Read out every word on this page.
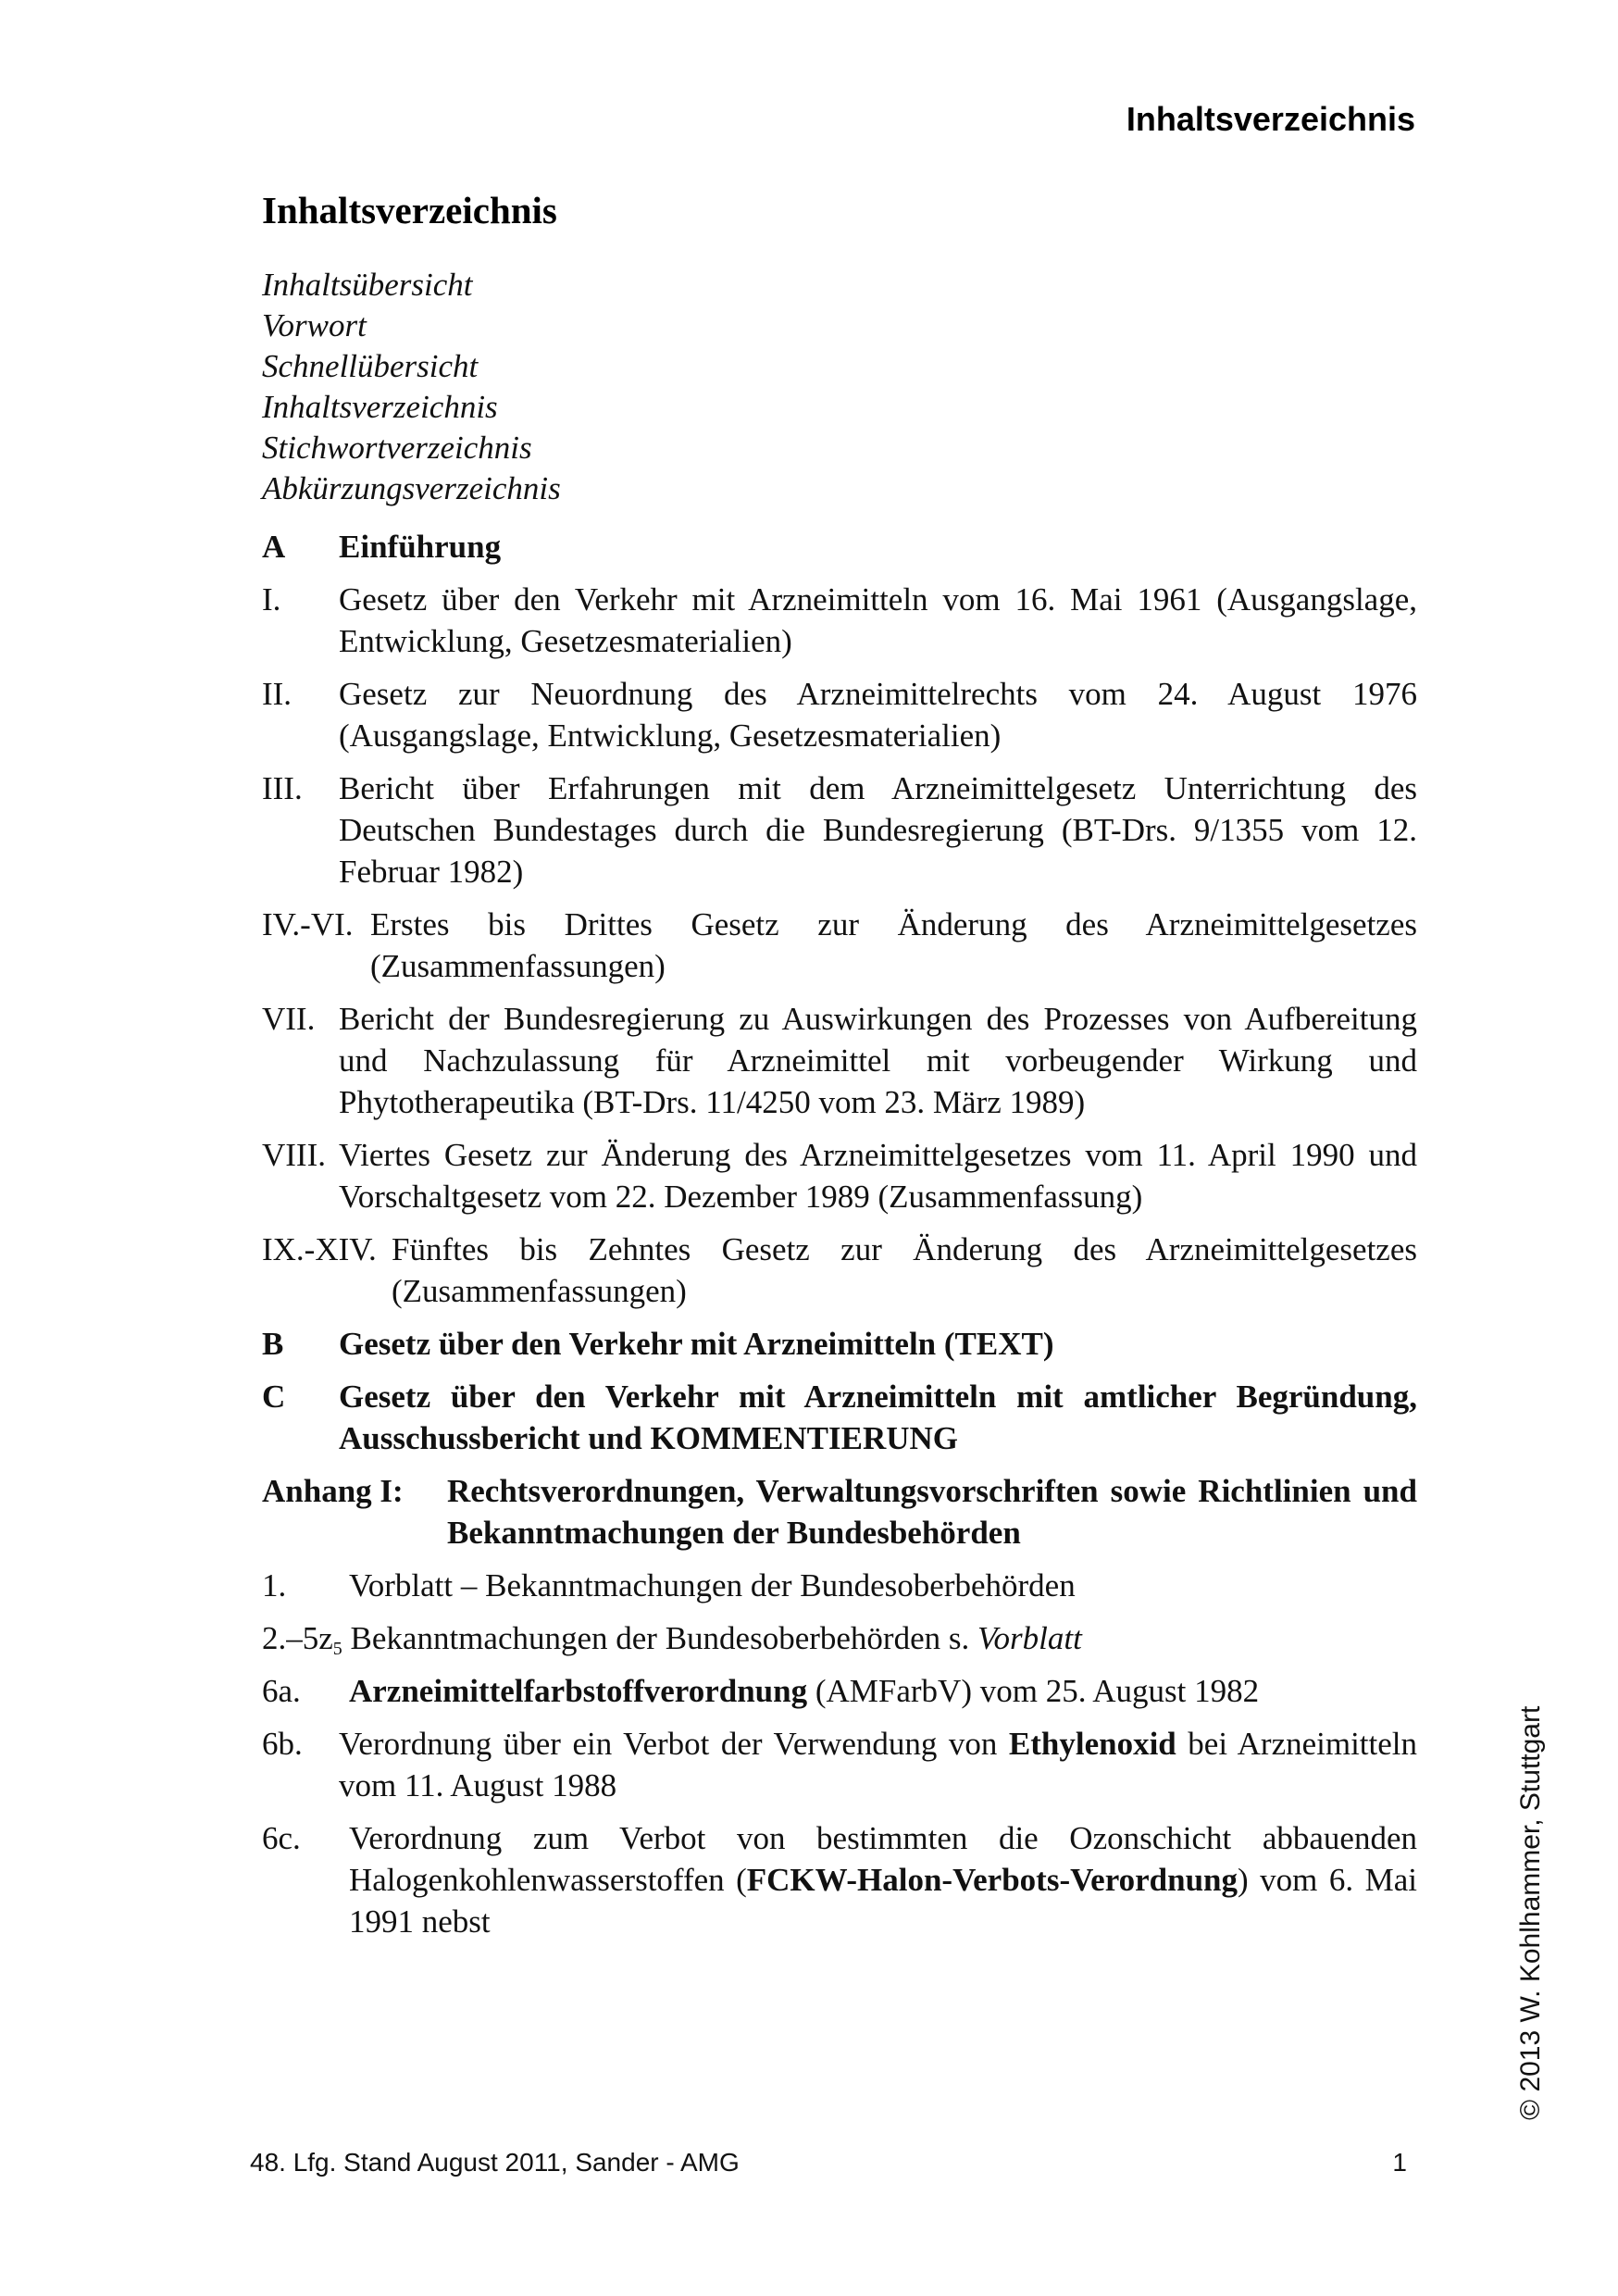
Inhaltsverzeichnis
Inhaltsverzeichnis
Inhaltsübersicht
Vorwort
Schnellübersicht
Inhaltsverzeichnis
Stichwortverzeichnis
Abkürzungsverzeichnis
A	Einführung
I.	Gesetz über den Verkehr mit Arzneimitteln vom 16. Mai 1961 (Ausgangslage, Entwicklung, Gesetzesmaterialien)
II.	Gesetz zur Neuordnung des Arzneimittelrechts vom 24. August 1976 (Ausgangslage, Entwicklung, Gesetzesmaterialien)
III.	Bericht über Erfahrungen mit dem Arzneimittelgesetz Unterrichtung des Deutschen Bundestages durch die Bundesregierung (BT-Drs. 9/1355 vom 12. Februar 1982)
IV.-VI. Erstes bis Drittes Gesetz zur Änderung des Arzneimittelgesetzes (Zusammenfassungen)
VII. Bericht der Bundesregierung zu Auswirkungen des Prozesses von Aufbereitung und Nachzulassung für Arzneimittel mit vorbeugender Wirkung und Phytotherapeutika (BT-Drs. 11/4250 vom 23. März 1989)
VIII. Viertes Gesetz zur Änderung des Arzneimittelgesetzes vom 11. April 1990 und Vorschaltgesetz vom 22. Dezember 1989 (Zusammenfassung)
IX.-XIV. Fünftes bis Zehntes Gesetz zur Änderung des Arzneimittelgesetzes (Zusammenfassungen)
B	Gesetz über den Verkehr mit Arzneimitteln (TEXT)
C	Gesetz über den Verkehr mit Arzneimitteln mit amtlicher Begründung, Ausschussbericht und KOMMENTIERUNG
Anhang I:	Rechtsverordnungen, Verwaltungsvorschriften sowie Richtlinien und Bekanntmachungen der Bundesbehörden
1.	Vorblatt – Bekanntmachungen der Bundesoberbehörden
$2.-5z_5$ Bekanntmachungen der Bundesoberbehörden s. Vorblatt
6a.	Arzneimittelfarbstoffverordnung (AMFarbV) vom 25. August 1982
6b.	Verordnung über ein Verbot der Verwendung von Ethylenoxid bei Arzneimitteln vom 11. August 1988
6c.	Verordnung zum Verbot von bestimmten die Ozonschicht abbauenden Halogenkohlenwasserstoffen (FCKW-Halon-Verbots-Verordnung) vom 6. Mai 1991 nebst
48. Lfg. Stand August 2011, Sander - AMG	1
© 2013 W. Kohlhammer, Stuttgart
